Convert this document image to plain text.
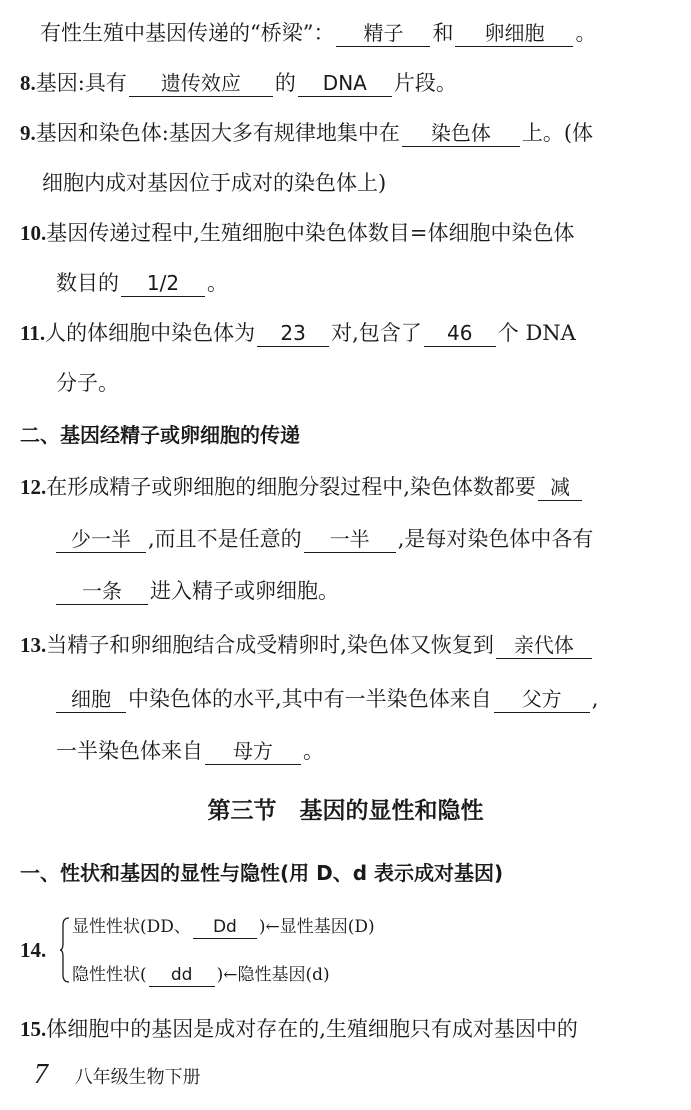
有性生殖中基因传递的“桥梁”： 精子 和 卵细胞 。
8.基因:具有 遗传效应 的 DNA 片段。
9.基因和染色体:基因大多有规律地集中在 染色体 上。(体
细胞内成对基因位于成对的染色体上)
10.基因传递过程中,生殖细胞中染色体数目=体细胞中染色体
数目的 1/2 。
11.人的体细胞中染色体为 23 对,包含了 46 个 DNA
分子。
二、基因经精子或卵细胞的传递
12.在形成精子或卵细胞的细胞分裂过程中,染色体数都要 减
少一半 ,而且不是任意的 一半 ,是每对染色体中各有
一条 进入精子或卵细胞。
13.当精子和卵细胞结合成受精卵时,染色体又恢复到 亲代体
细胞 中染色体的水平,其中有一半染色体来自 父方 ,
一半染色体来自 母方 。
第三节　基因的显性和隐性
一、性状和基因的显性与隐性(用 D、d 表示成对基因)
14.
显性性状(DD、 Dd )←显性基因(D)
隐性性状( dd )←隐性基因(d)
15.体细胞中的基因是成对存在的,生殖细胞只有成对基因中的
7 八年级生物下册
